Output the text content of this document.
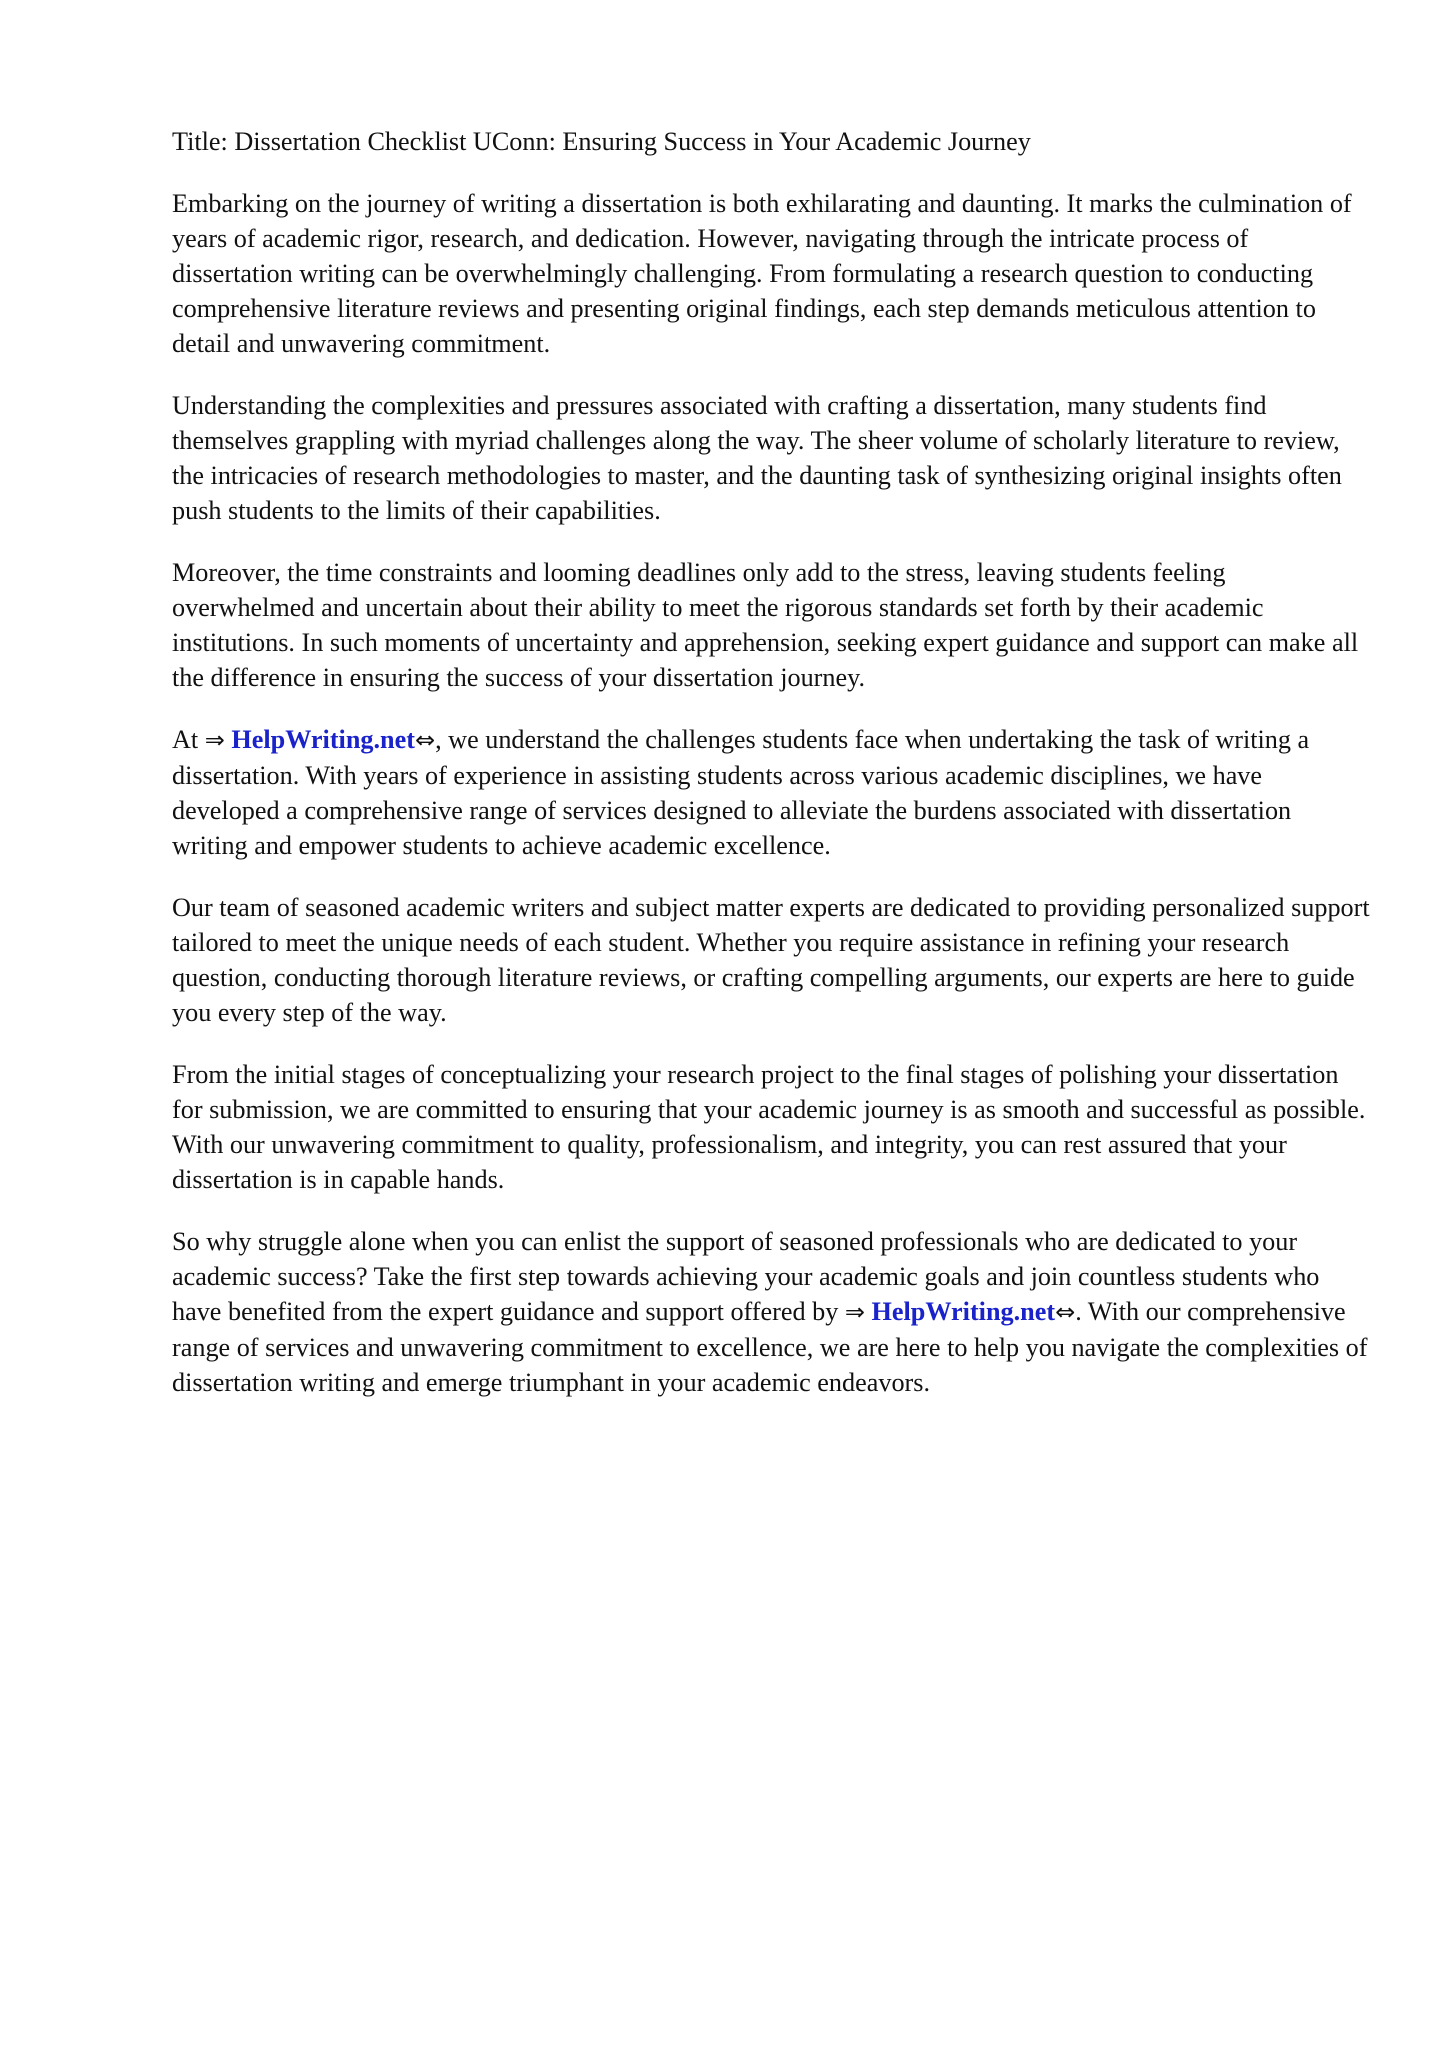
Title: Dissertation Checklist UConn: Ensuring Success in Your Academic Journey

Embarking on the journey of writing a dissertation is both exhilarating and daunting. It marks the culmination of years of academic rigor, research, and dedication. However, navigating through the intricate process of dissertation writing can be overwhelmingly challenging. From formulating a research question to conducting comprehensive literature reviews and presenting original findings, each step demands meticulous attention to detail and unwavering commitment.

Understanding the complexities and pressures associated with crafting a dissertation, many students find themselves grappling with myriad challenges along the way. The sheer volume of scholarly literature to review, the intricacies of research methodologies to master, and the daunting task of synthesizing original insights often push students to the limits of their capabilities.

Moreover, the time constraints and looming deadlines only add to the stress, leaving students feeling overwhelmed and uncertain about their ability to meet the rigorous standards set forth by their academic institutions. In such moments of uncertainty and apprehension, seeking expert guidance and support can make all the difference in ensuring the success of your dissertation journey.

At ⇒ HelpWriting.net⇔, we understand the challenges students face when undertaking the task of writing a dissertation. With years of experience in assisting students across various academic disciplines, we have developed a comprehensive range of services designed to alleviate the burdens associated with dissertation writing and empower students to achieve academic excellence.

Our team of seasoned academic writers and subject matter experts are dedicated to providing personalized support tailored to meet the unique needs of each student. Whether you require assistance in refining your research question, conducting thorough literature reviews, or crafting compelling arguments, our experts are here to guide you every step of the way.

From the initial stages of conceptualizing your research project to the final stages of polishing your dissertation for submission, we are committed to ensuring that your academic journey is as smooth and successful as possible. With our unwavering commitment to quality, professionalism, and integrity, you can rest assured that your dissertation is in capable hands.

So why struggle alone when you can enlist the support of seasoned professionals who are dedicated to your academic success? Take the first step towards achieving your academic goals and join countless students who have benefited from the expert guidance and support offered by ⇒ HelpWriting.net⇔. With our comprehensive range of services and unwavering commitment to excellence, we are here to help you navigate the complexities of dissertation writing and emerge triumphant in your academic endeavors.
